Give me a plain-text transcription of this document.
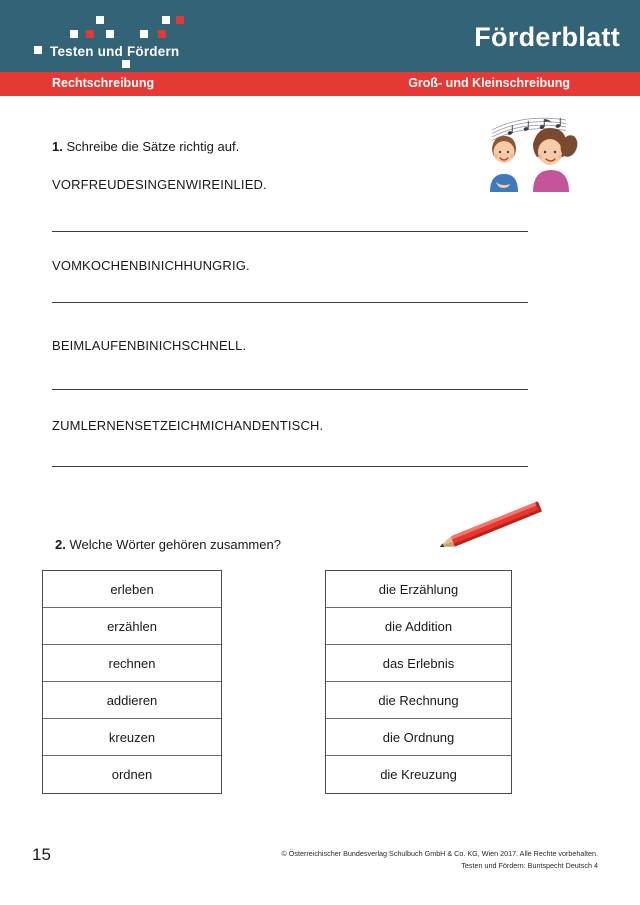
Testen und Fördern	Förderblatt
Rechtschreibung	Groß- und Kleinschreibung
1. Schreibe die Sätze richtig auf.
VORFREUDESINGENWIREINLIED.
VOMKOCHENBINICHHUNGRIG.
BEIMLAUFENBINICHSCHNELL.
ZUMLERNENSETZEICHMICHANDENTISCH.
2. Welche Wörter gehören zusammen?
erleben
erzählen
rechnen
addieren
kreuzen
ordnen
die Erzählung
die Addition
das Erlebnis
die Rechnung
die Ordnung
die Kreuzung
15	© Österreichischer Bundesverlag Schulbuch GmbH & Co. KG, Wien 2017. Alle Rechte vorbehalten.
Testen und Fördern: Buntspecht Deutsch 4
